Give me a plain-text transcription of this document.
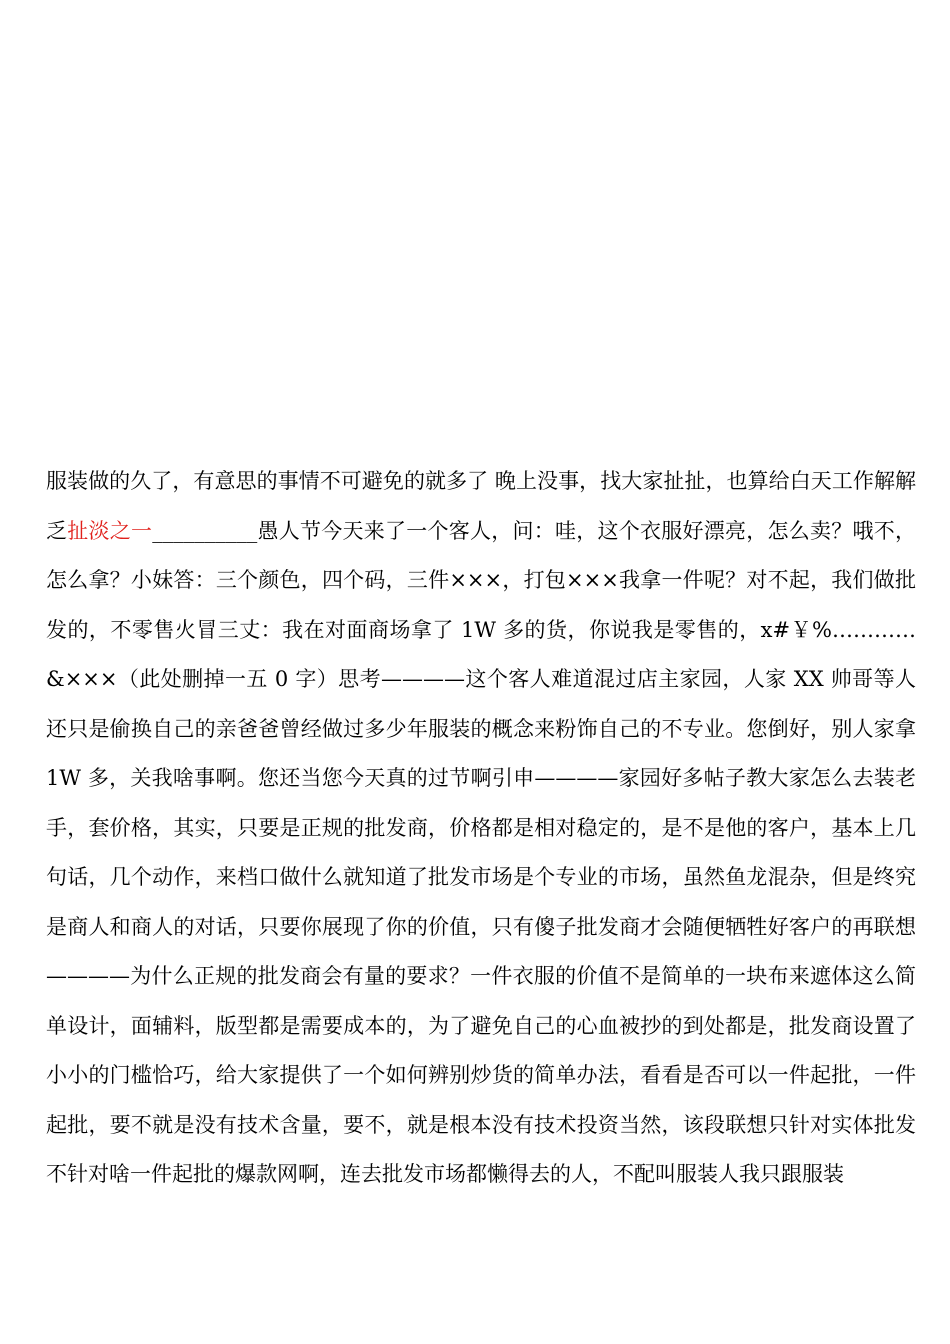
服装做的久了，有意思的事情不可避免的就多了 晚上没事，找大家扯扯，也算给白天工作解解乏扯淡之一__________愚人节今天来了一个客人，问：哇，这个衣服好漂亮，怎么卖？哦不，怎么拿？小妹答：三个颜色，四个码，三件×××，打包×××我拿一件呢？对不起，我们做批发的，不零售火冒三丈：我在对面商场拿了 1W 多的货，你说我是零售的，x#￥%…………&×××（此处删掉一五 0 字）思考————这个客人难道混过店主家园，人家 XX 帅哥等人还只是偷换自己的亲爸爸曾经做过多少年服装的概念来粉饰自己的不专业。您倒好，别人家拿 1W 多，关我啥事啊。您还当您今天真的过节啊引申————家园好多帖子教大家怎么去装老手，套价格，其实，只要是正规的批发商，价格都是相对稳定的，是不是他的客户，基本上几句话，几个动作，来档口做什么就知道了批发市场是个专业的市场，虽然鱼龙混杂，但是终究是商人和商人的对话，只要你展现了你的价值，只有傻子批发商才会随便牺牲好客户的再联想————为什么正规的批发商会有量的要求？一件衣服的价值不是简单的一块布来遮体这么简单设计，面辅料，版型都是需要成本的，为了避免自己的心血被抄的到处都是，批发商设置了小小的门槛恰巧，给大家提供了一个如何辨别炒货的简单办法，看看是否可以一件起批，一件起批，要不就是没有技术含量，要不，就是根本没有技术投资当然，该段联想只针对实体批发不针对啥一件起批的爆款网啊，连去批发市场都懒得去的人，不配叫服装人我只跟服装
